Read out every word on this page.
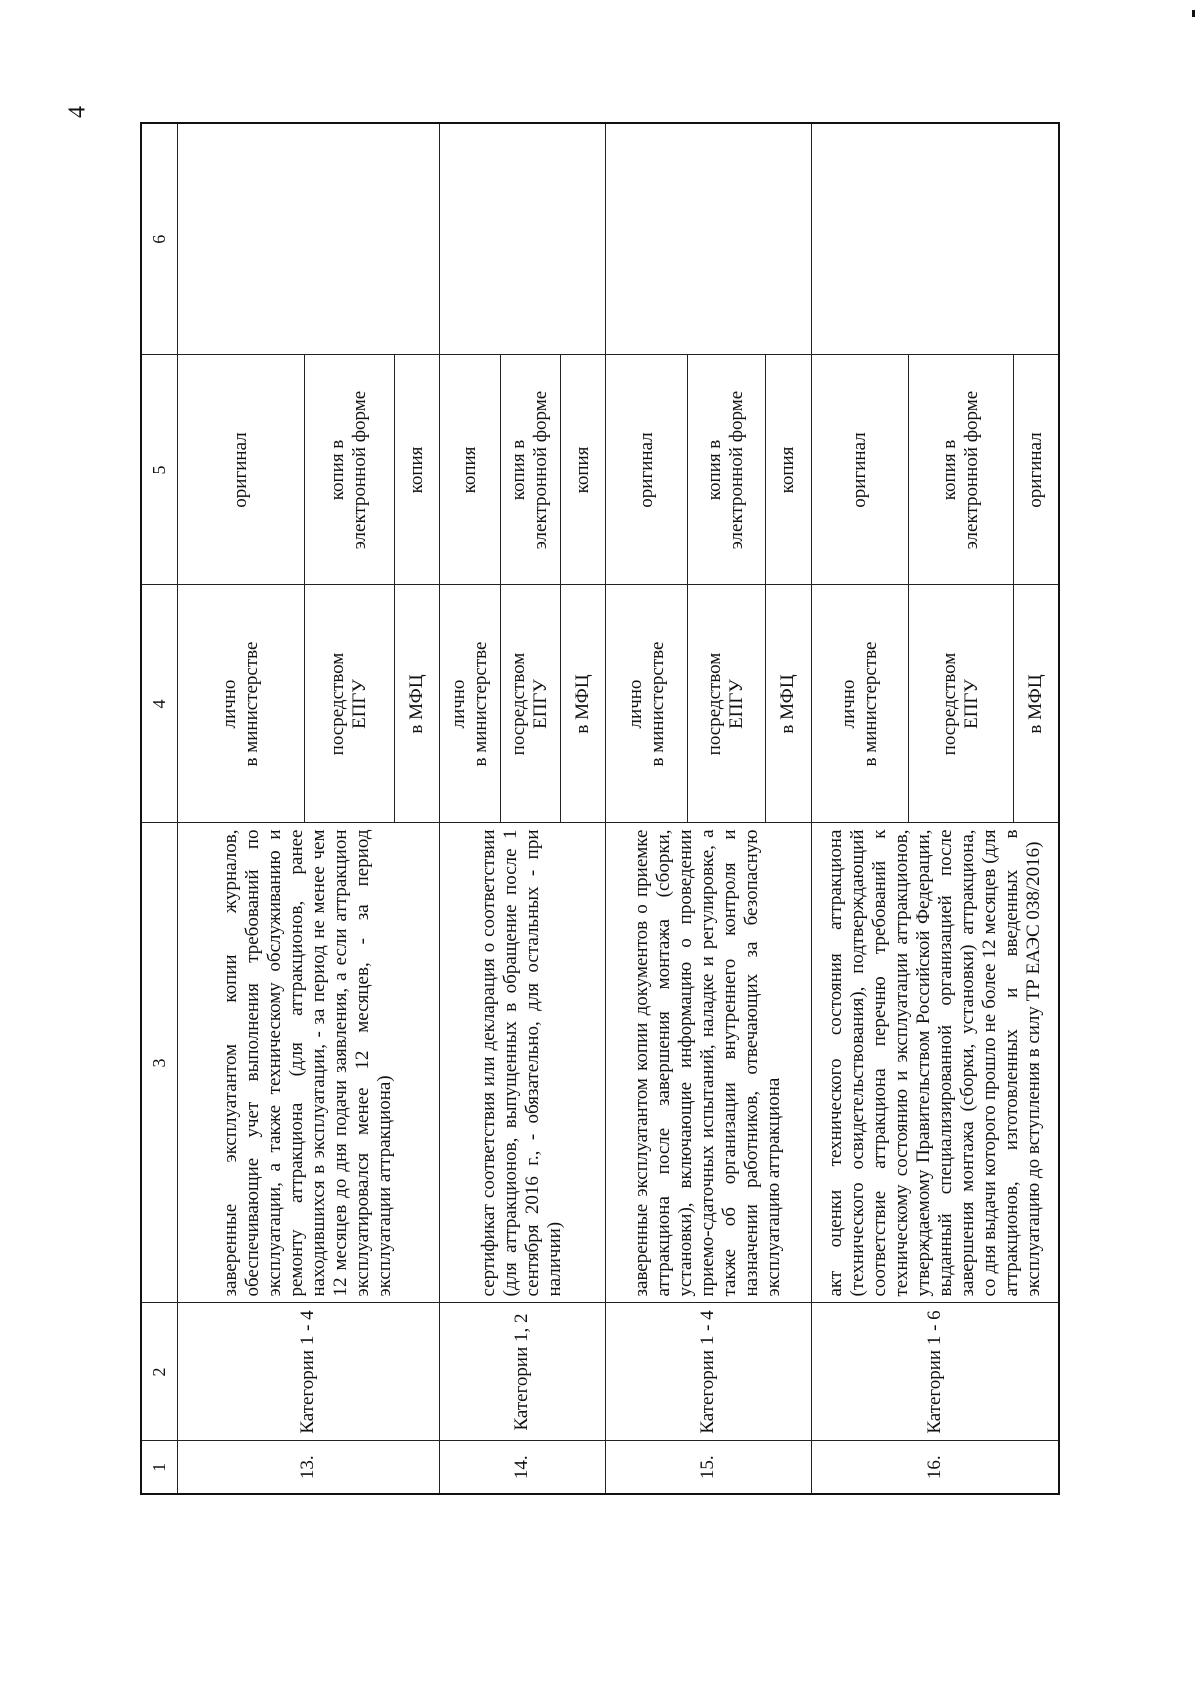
4
1	2	3	4	5	6
13.	Категории 1 - 4	заверенные эксплуатантом копии журналов, обеспечивающие учет выполнения требований по эксплуатации, а также техническому обслуживанию и ремонту аттракциона (для аттракционов, ранее находившихся в эксплуатации, - за период не менее чем 12 месяцев до дня подачи заявления, а если аттракцион эксплуатировался менее 12 месяцев, - за период эксплуатации аттракциона)	лично в министерстве	оригинал	

			посредством ЕПГУ	копия в электронной форме	

			в МФЦ	копия	

14.	Категории 1, 2	сертификат соответствия или декларация о соответствии (для аттракционов, выпущенных в обращение после 1 сентября 2016 г., - обязательно, для остальных - при наличии)	лично в министерстве	копия	

			посредством ЕПГУ	копия в электронной форме	

			в МФЦ	копия	

15.	Категории 1 - 4	заверенные эксплуатантом копии документов о приемке аттракциона после завершения монтажа (сборки, установки), включающие информацию о проведении приемо-сдаточных испытаний, наладке и регулировке, а также об организации внутреннего контроля и назначении работников, отвечающих за безопасную эксплуатацию аттракциона	лично в министерстве	оригинал	

			посредством ЕПГУ	копия в электронной форме	

			в МФЦ	копия	

16.	Категории 1 - 6	акт оценки технического состояния аттракциона (технического освидетельствования), подтверждающий соответствие аттракциона перечню требований к техническому состоянию и эксплуатации аттракционов, утверждаемому Правительством Российской Федерации, выданный специализированной организацией после завершения монтажа (сборки, установки) аттракциона, со дня выдачи которого прошло не более 12 месяцев (для аттракционов, изготовленных и введенных в эксплуатацию до вступления в силу ТР ЕАЭС 038/2016)	лично в министерстве	оригинал	

			посредством ЕПГУ	копия в электронной форме	

			в МФЦ	оригинал	
